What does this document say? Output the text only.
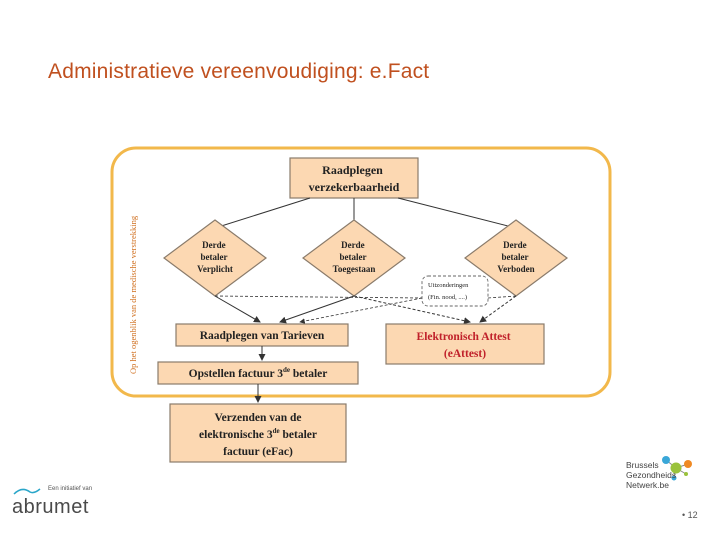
Administratieve vereenvoudiging: e.Fact
Op het ogenblik van de medische verstrekking
Raadplegen verzekerbaarheid
Derde betaler Verplicht
Derde betaler Toegestaan
Derde betaler Verboden
Uitzonderingen (Fin. nood, ....)
Raadplegen van Tarieven	Elektronisch Attest (eAttest)
Opstellen factuur 3de betaler
Verzenden van de
elektronische 3de betaler
factuur (eFac)
Een initiatief van
abrumet
Brussels
Gezondheids
Netwerk.be
• 12
